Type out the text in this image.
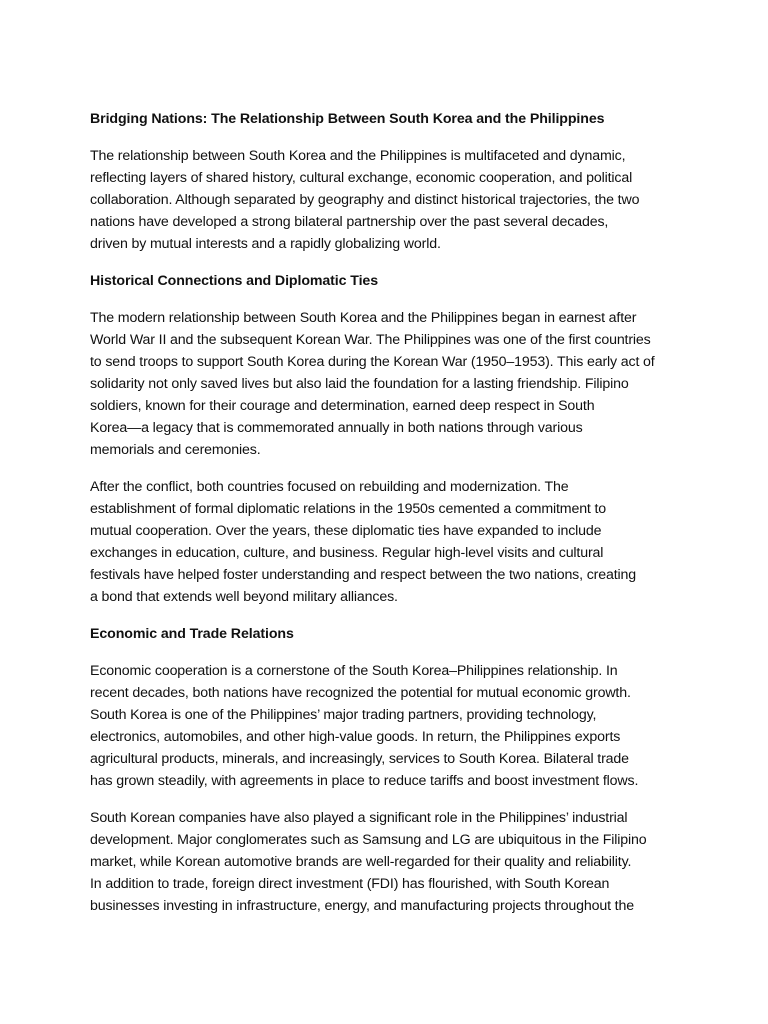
Bridging Nations: The Relationship Between South Korea and the Philippines
The relationship between South Korea and the Philippines is multifaceted and dynamic,
reflecting layers of shared history, cultural exchange, economic cooperation, and political
collaboration. Although separated by geography and distinct historical trajectories, the two
nations have developed a strong bilateral partnership over the past several decades,
driven by mutual interests and a rapidly globalizing world.
Historical Connections and Diplomatic Ties
The modern relationship between South Korea and the Philippines began in earnest after
World War II and the subsequent Korean War. The Philippines was one of the first countries
to send troops to support South Korea during the Korean War (1950–1953). This early act of
solidarity not only saved lives but also laid the foundation for a lasting friendship. Filipino
soldiers, known for their courage and determination, earned deep respect in South
Korea—a legacy that is commemorated annually in both nations through various
memorials and ceremonies.
After the conflict, both countries focused on rebuilding and modernization. The
establishment of formal diplomatic relations in the 1950s cemented a commitment to
mutual cooperation. Over the years, these diplomatic ties have expanded to include
exchanges in education, culture, and business. Regular high-level visits and cultural
festivals have helped foster understanding and respect between the two nations, creating
a bond that extends well beyond military alliances.
Economic and Trade Relations
Economic cooperation is a cornerstone of the South Korea–Philippines relationship. In
recent decades, both nations have recognized the potential for mutual economic growth.
South Korea is one of the Philippines’ major trading partners, providing technology,
electronics, automobiles, and other high-value goods. In return, the Philippines exports
agricultural products, minerals, and increasingly, services to South Korea. Bilateral trade
has grown steadily, with agreements in place to reduce tariffs and boost investment flows.
South Korean companies have also played a significant role in the Philippines’ industrial
development. Major conglomerates such as Samsung and LG are ubiquitous in the Filipino
market, while Korean automotive brands are well-regarded for their quality and reliability.
In addition to trade, foreign direct investment (FDI) has flourished, with South Korean
businesses investing in infrastructure, energy, and manufacturing projects throughout the
